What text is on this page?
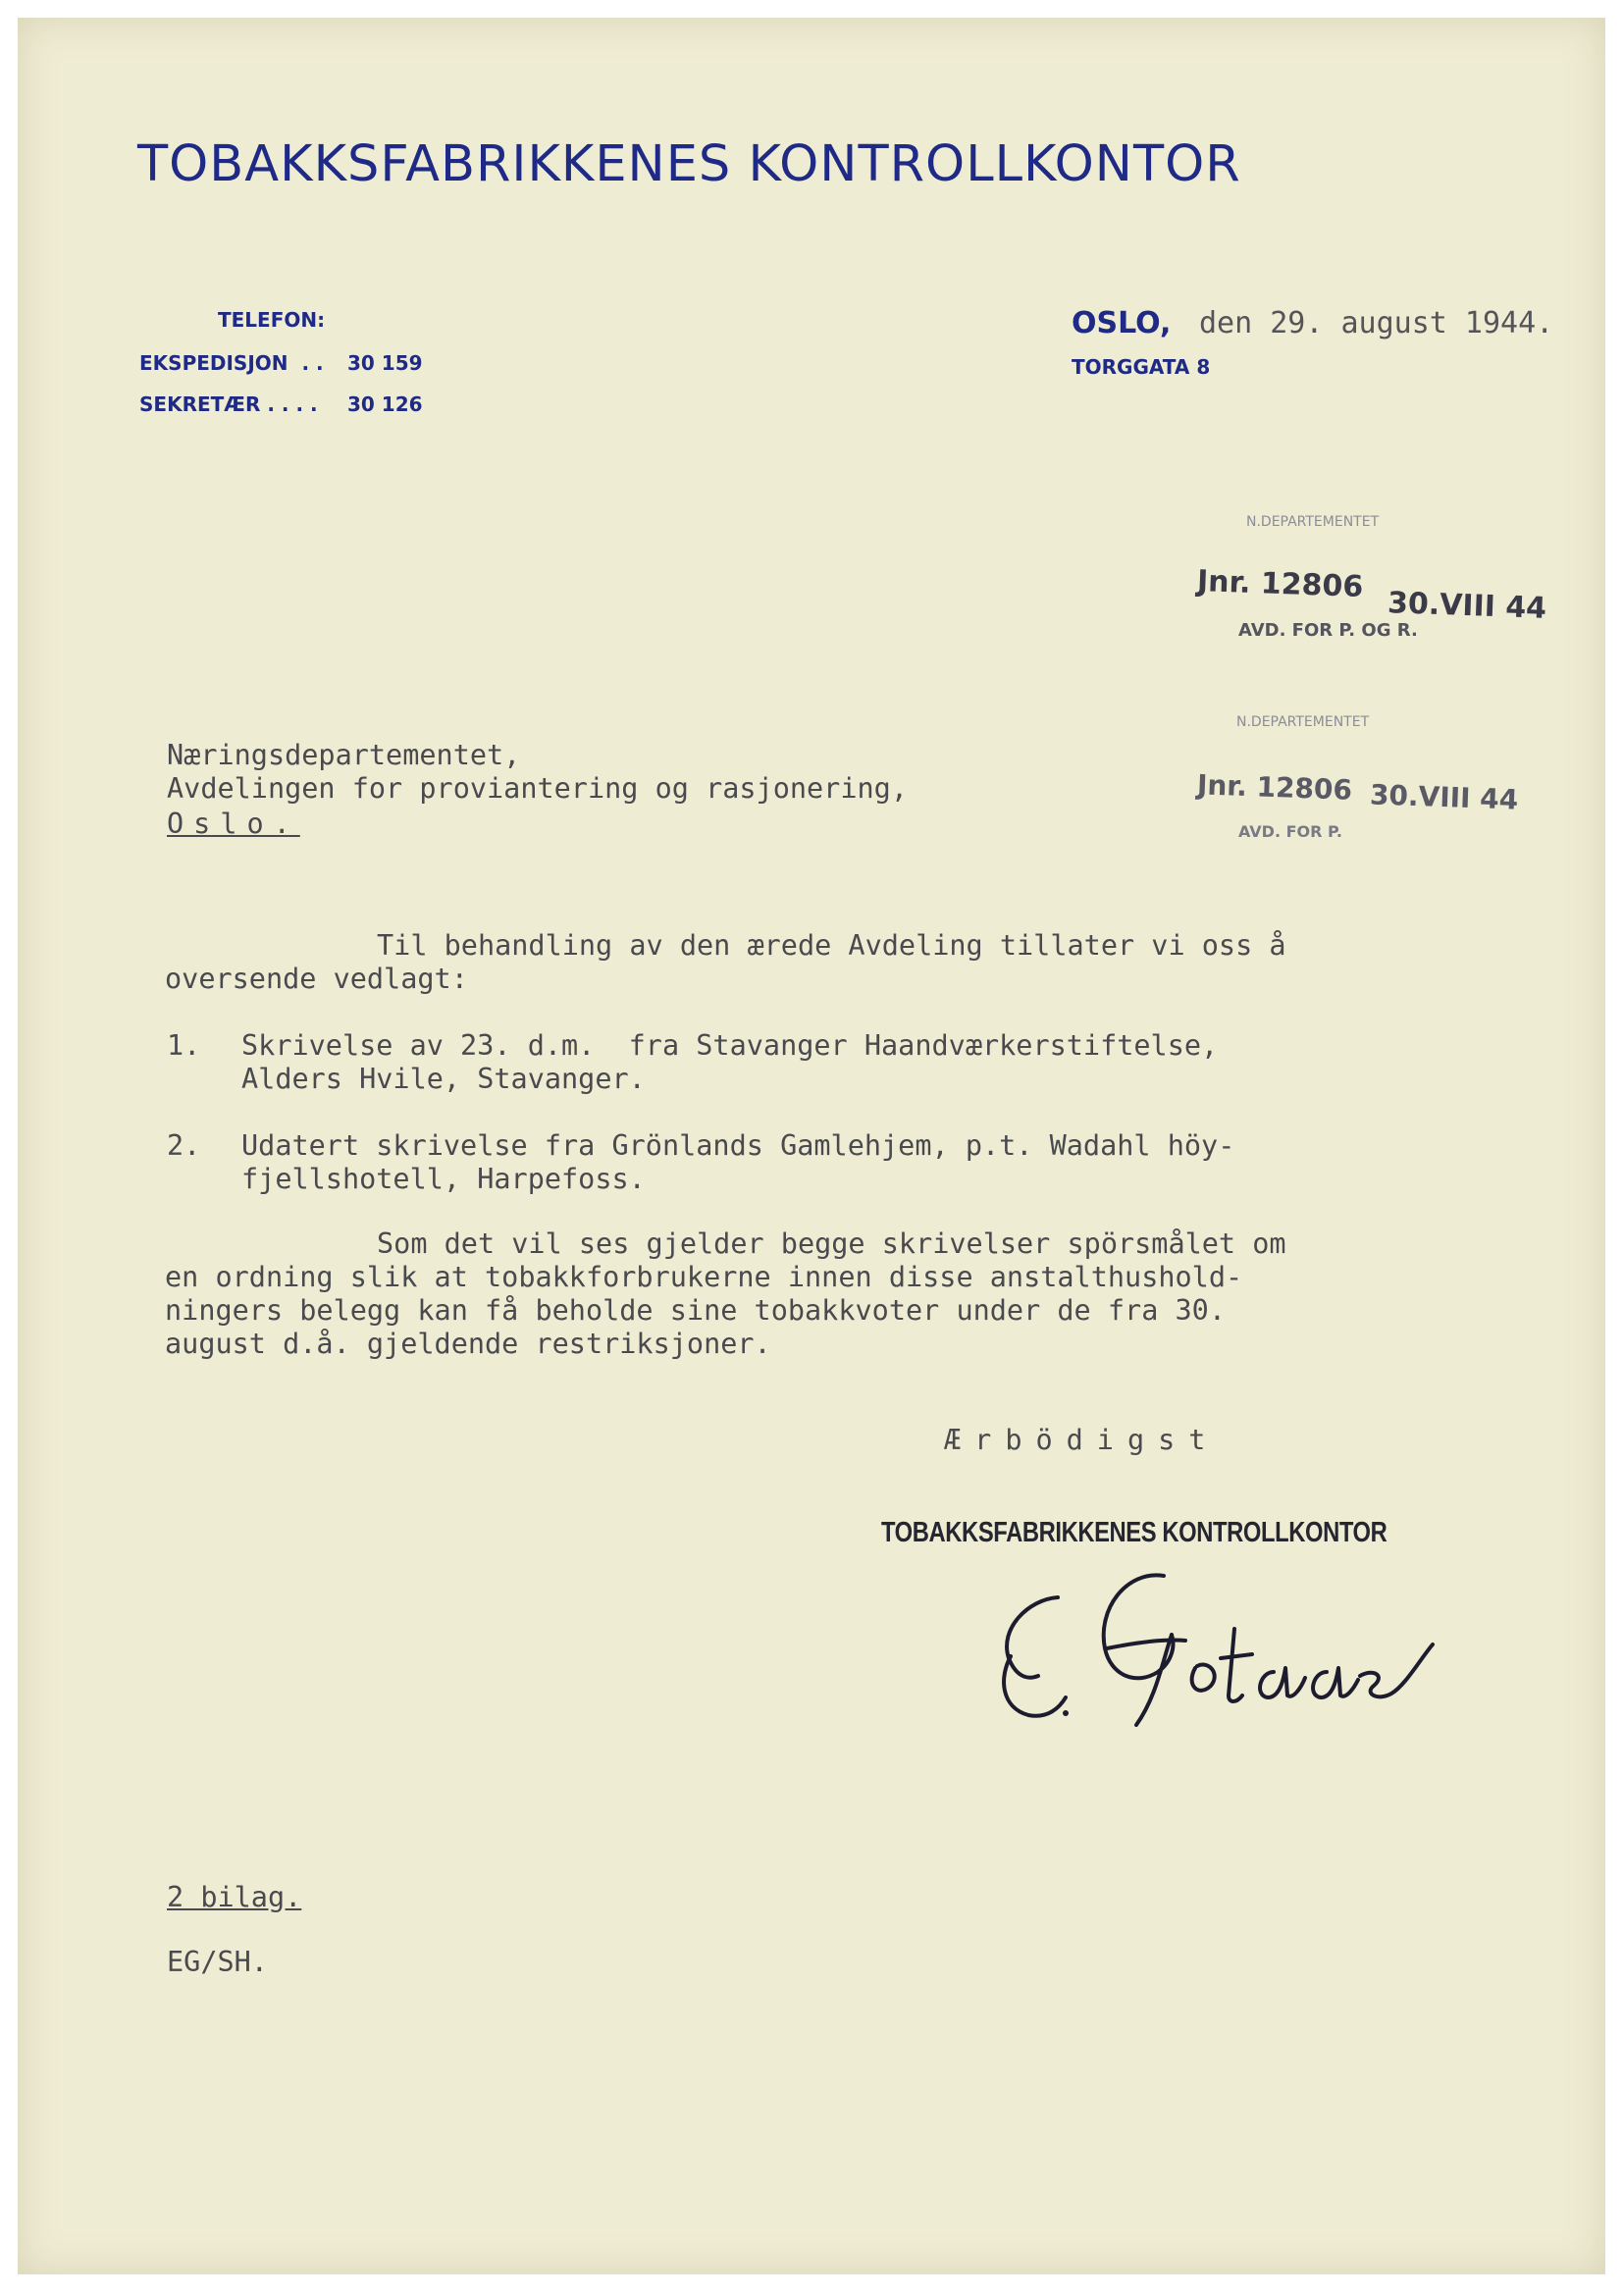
TOBAKKSFABRIKKENES KONTROLLKONTOR
TELEFON:
EKSPEDISJON  . . 30 159
SEKRETÆR . . . . 30 126
OSLO, den 29. august 1944.
TORGGATA 8
N.DEPARTEMENTET
Jnr. 12806
30.VIII 44
AVD. FOR P. OG R.
N.DEPARTEMENTET
Jnr. 12806 30.VIII 44
AVD. FOR P.
Næringsdepartementet,
Avdelingen for proviantering og rasjonering,
Oslo.
Til behandling av den ærede Avdeling tillater vi oss å
oversende vedlagt:
1. Skrivelse av 23. d.m.  fra Stavanger Haandværkerstiftelse,
Alders Hvile, Stavanger.
2. Udatert skrivelse fra Grönlands Gamlehjem, p.t. Wadahl höy-
fjellshotell, Harpefoss.
Som det vil ses gjelder begge skrivelser spörsmålet om
en ordning slik at tobakkforbrukerne innen disse anstalthushold-
ningers belegg kan få beholde sine tobakkvoter under de fra 30.
august d.å. gjeldende restriksjoner.
Ærbödigst
TOBAKKSFABRIKKENES KONTROLLKONTOR
2 bilag.
EG/SH.
